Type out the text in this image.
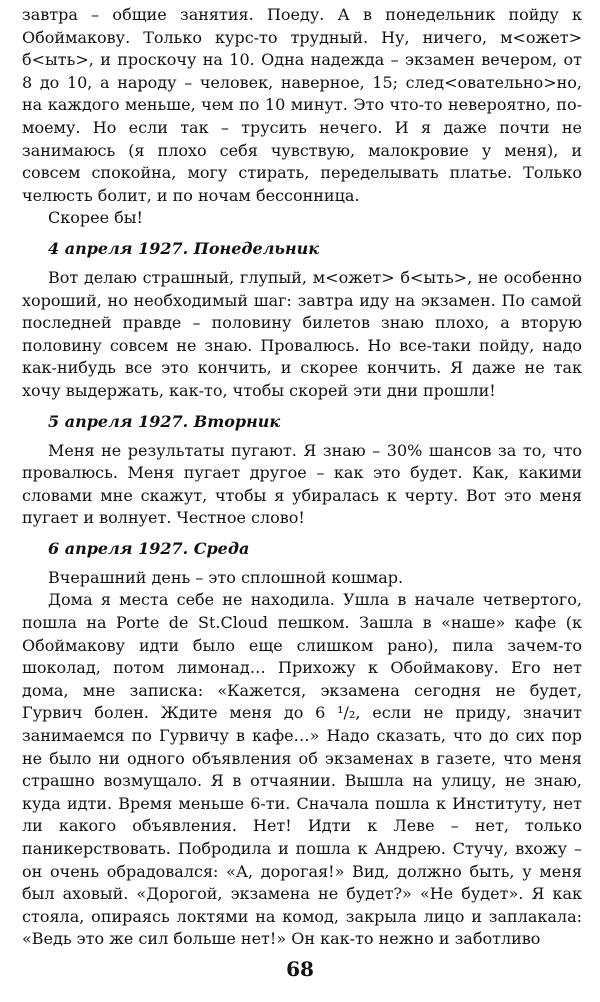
завтра – общие занятия. Поеду. А в понедельник пойду к Обоймакову. Только курс-то трудный. Ну, ничего, м<ожет> б<ыть>, и проскочу на 10. Одна надежда – экзамен вечером, от 8 до 10, а народу – человек, наверное, 15; след<овательно>но, на каждого меньше, чем по 10 минут. Это что-то невероятно, по-моему. Но если так – трусить нечего. И я даже почти не занимаюсь (я плохо себя чувствую, малокровие у меня), и совсем спокойна, могу стирать, переделывать платье. Только челюсть болит, и по ночам бессонница.

Скорее бы!

4 апреля 1927. Понедельник

Вот делаю страшный, глупый, м<ожет> б<ыть>, не особенно хороший, но необходимый шаг: завтра иду на экзамен. По самой последней правде – половину билетов знаю плохо, а вторую половину совсем не знаю. Провалюсь. Но все-таки пойду, надо как-нибудь все это кончить, и скорее кончить. Я даже не так хочу выдержать, как-то, чтобы скорей эти дни прошли!

5 апреля 1927. Вторник

Меня не результаты пугают. Я знаю – 30% шансов за то, что провалюсь. Меня пугает другое – как это будет. Как, какими словами мне скажут, чтобы я убиралась к черту. Вот это меня пугает и волнует. Честное слово!

6 апреля 1927. Среда

Вчерашний день – это сплошной кошмар.

Дома я места себе не находила. Ушла в начале четвертого, пошла на Porte de St.Cloud пешком. Зашла в «наше» кафе (к Обоймакову идти было еще слишком рано), пила зачем-то шоколад, потом лимонад… Прихожу к Обоймакову. Его нет дома, мне записка: «Кажется, экзамена сегодня не будет, Гурвич болен. Ждите меня до 6 ¹/₂, если не приду, значит занимаемся по Гурвичу в кафе…» Надо сказать, что до сих пор не было ни одного объявления об экзаменах в газете, что меня страшно возмущало. Я в отчаянии. Вышла на улицу, не знаю, куда идти. Время меньше 6-ти. Сначала пошла к Институту, нет ли какого объявления. Нет! Идти к Леве – нет, только паникерствовать. Побродила и пошла к Андрею. Стучу, вхожу – он очень обрадовался: «А, дорогая!» Вид, должно быть, у меня был аховый. «Дорогой, экзамена не будет?» «Не будет». Я как стояла, опираясь локтями на комод, закрыла лицо и заплакала: «Ведь это же сил больше нет!» Он как-то нежно и заботливо

68
